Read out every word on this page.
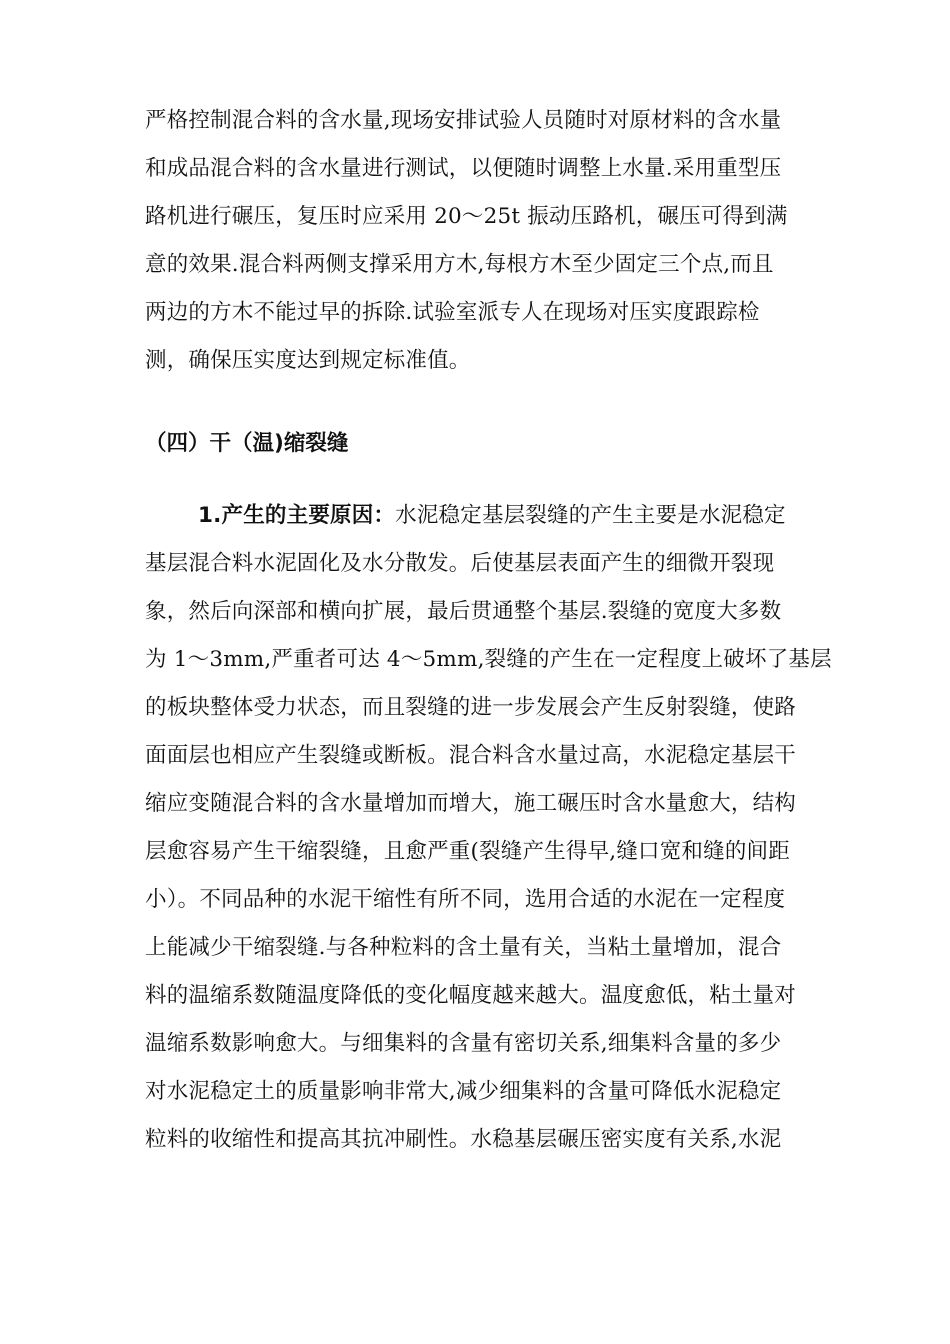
严格控制混合料的含水量,现场安排试验人员随时对原材料的含水量
和成品混合料的含水量进行测试，以便随时调整上水量.采用重型压
路机进行碾压，复压时应采用 20～25t 振动压路机，碾压可得到满
意的效果.混合料两侧支撑采用方木,每根方木至少固定三个点,而且
两边的方木不能过早的拆除.试验室派专人在现场对压实度跟踪检
测，确保压实度达到规定标准值。
（四）干（温)缩裂缝
1.产生的主要原因：水泥稳定基层裂缝的产生主要是水泥稳定
基层混合料水泥固化及水分散发。后使基层表面产生的细微开裂现
象，然后向深部和横向扩展，最后贯通整个基层.裂缝的宽度大多数
为 1～3mm,严重者可达 4～5mm,裂缝的产生在一定程度上破坏了基层
的板块整体受力状态，而且裂缝的进一步发展会产生反射裂缝，使路
面面层也相应产生裂缝或断板。混合料含水量过高，水泥稳定基层干
缩应变随混合料的含水量增加而增大，施工碾压时含水量愈大，结构
层愈容易产生干缩裂缝，且愈严重(裂缝产生得早,缝口宽和缝的间距
小）。不同品种的水泥干缩性有所不同，选用合适的水泥在一定程度
上能减少干缩裂缝.与各种粒料的含土量有关，当粘土量增加，混合
料的温缩系数随温度降低的变化幅度越来越大。温度愈低，粘土量对
温缩系数影响愈大。与细集料的含量有密切关系,细集料含量的多少
对水泥稳定土的质量影响非常大,减少细集料的含量可降低水泥稳定
粒料的收缩性和提高其抗冲刷性。水稳基层碾压密实度有关系,水泥
